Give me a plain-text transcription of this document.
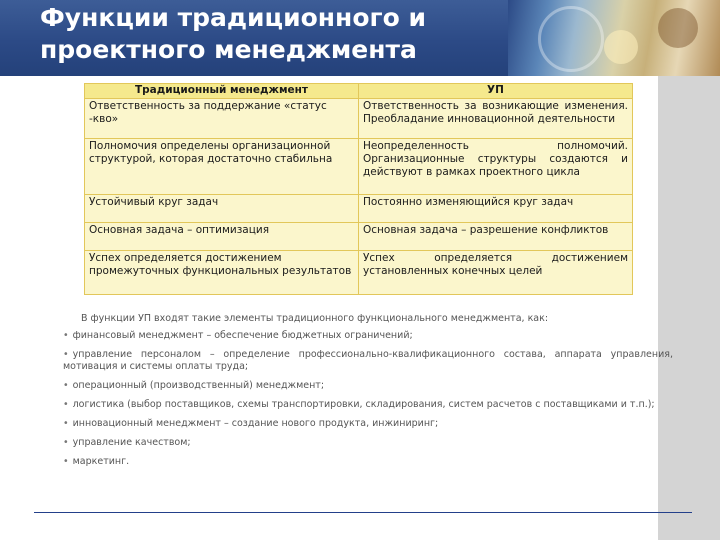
Функции традиционного и
проектного менеджмента
Традиционный менеджмент	УП
Ответственность за поддержание «статус -кво»	Ответственность за возникающие изменения. Преобладание инновационной деятельности
Полномочия определены организационной структурой, которая достаточно стабильна	Неопределенность полномочий. Организационные структуры создаются и действуют в рамках проектного цикла
Устойчивый круг задач	Постоянно изменяющийся круг задач
Основная задача – оптимизация	Основная задача – разрешение конфликтов
Успех определяется достижением промежуточных функциональных результатов	Успех определяется достижением установленных конечных целей
В функции УП входят такие элементы традиционного функционального менеджмента, как:
• финансовый менеджмент – обеспечение бюджетных ограничений;
• управление персоналом – определение профессионально-квалификационного состава, аппарата управления, мотивация и системы оплаты труда;
• операционный (производственный) менеджмент;
• логистика (выбор поставщиков, схемы транспортировки, складирования, систем расчетов с поставщиками и т.п.);
• инновационный менеджмент – создание нового продукта, инжиниринг;
• управление качеством;
• маркетинг.
